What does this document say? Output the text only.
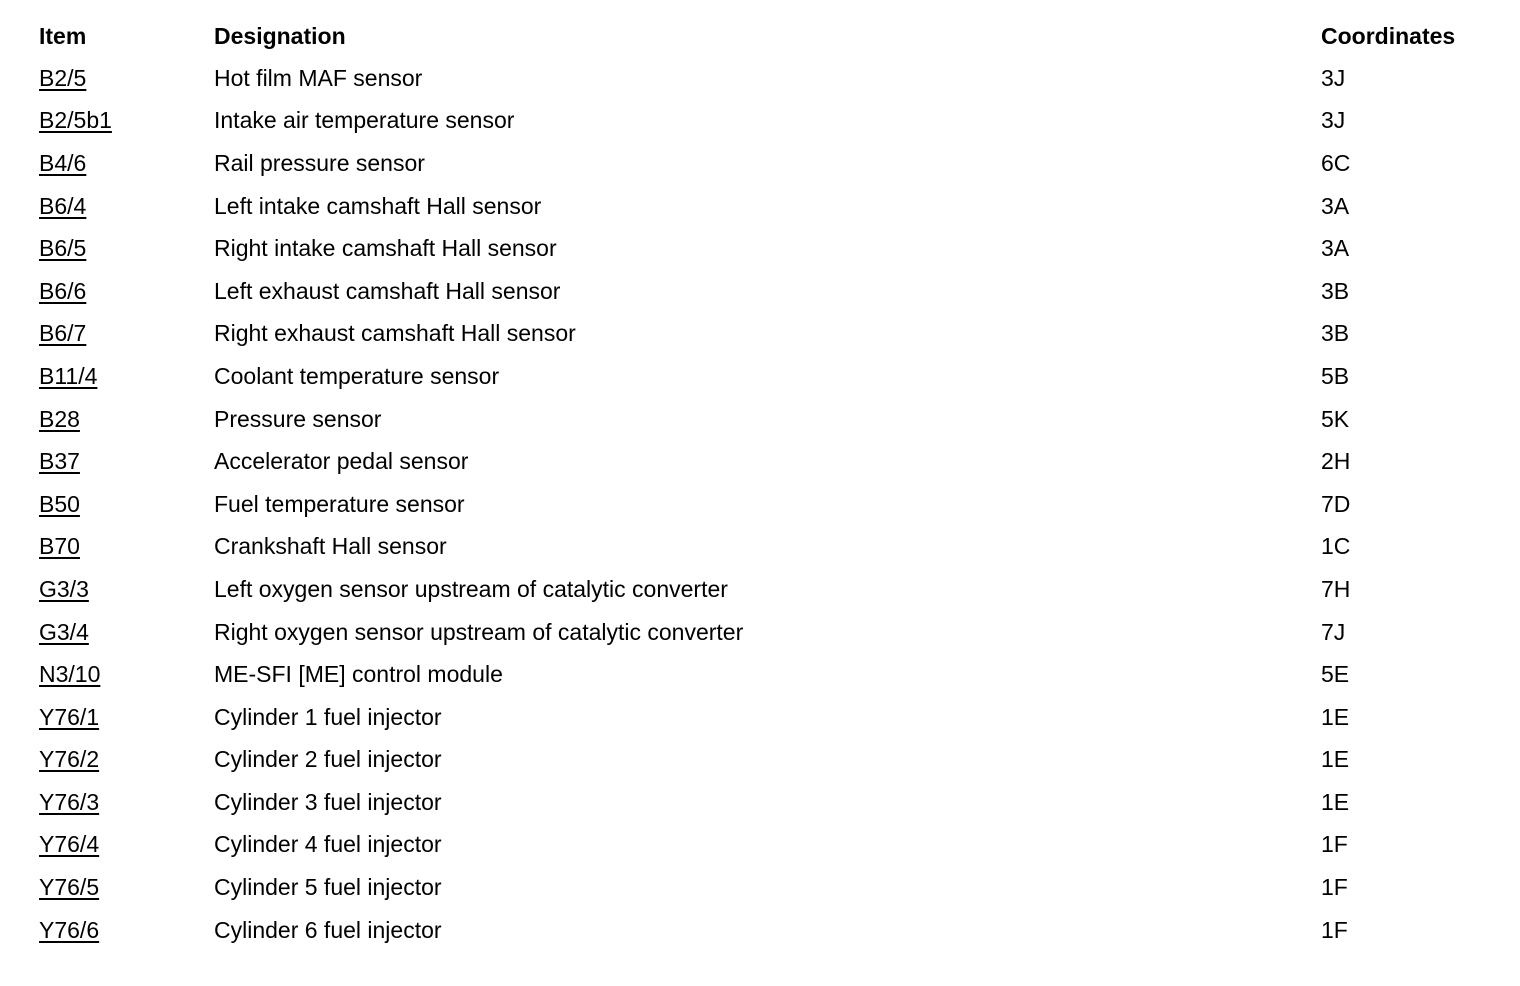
Item	Designation	Coordinates
B2/5	Hot film MAF sensor	3J
B2/5b1	Intake air temperature sensor	3J
B4/6	Rail pressure sensor	6C
B6/4	Left intake camshaft Hall sensor	3A
B6/5	Right intake camshaft Hall sensor	3A
B6/6	Left exhaust camshaft Hall sensor	3B
B6/7	Right exhaust camshaft Hall sensor	3B
B11/4	Coolant temperature sensor	5B
B28	Pressure sensor	5K
B37	Accelerator pedal sensor	2H
B50	Fuel temperature sensor	7D
B70	Crankshaft Hall sensor	1C
G3/3	Left oxygen sensor upstream of catalytic converter	7H
G3/4	Right oxygen sensor upstream of catalytic converter	7J
N3/10	ME-SFI [ME] control module	5E
Y76/1	Cylinder 1 fuel injector	1E
Y76/2	Cylinder 2 fuel injector	1E
Y76/3	Cylinder 3 fuel injector	1E
Y76/4	Cylinder 4 fuel injector	1F
Y76/5	Cylinder 5 fuel injector	1F
Y76/6	Cylinder 6 fuel injector	1F
